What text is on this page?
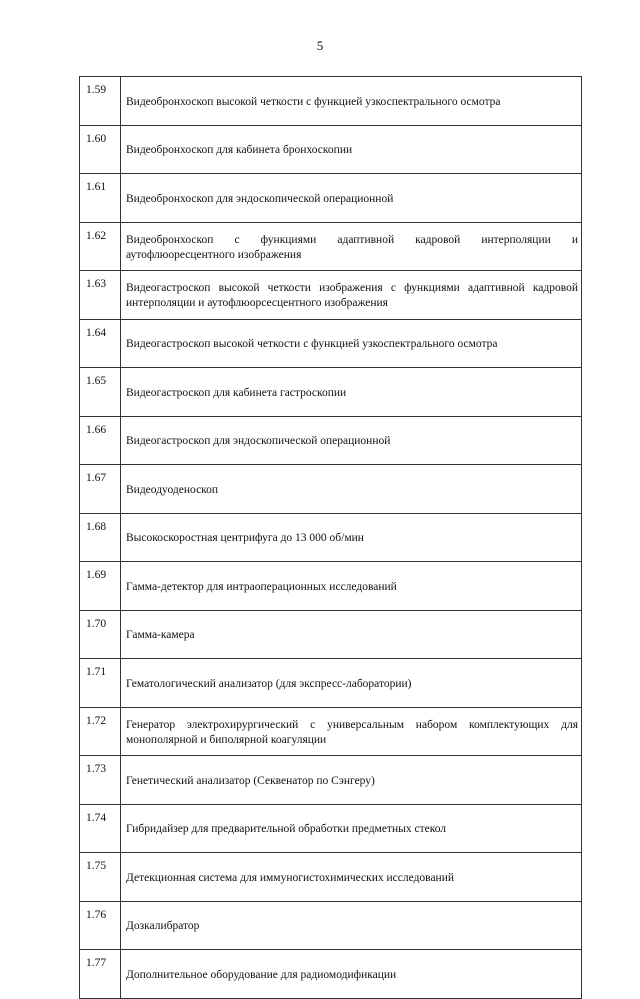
5
1.59	Видеобронхоскоп высокой четкости с функцией узкоспектрального осмотра
1.60	Видеобронхоскоп для кабинета бронхоскопии
1.61	Видеобронхоскоп для эндоскопической операционной
1.62	Видеобронхоскоп с функциями адаптивной кадровой интерполяции и аутофлюоресцентного изображения
1.63	Видеогастроскоп высокой четкости изображения с функциями адаптивной кадровой интерполяции и аутофлюорсесцентного изображения
1.64	Видеогастроскоп высокой четкости с функцией узкоспектрального осмотра
1.65	Видеогастроскоп для кабинета гастроскопии
1.66	Видеогастроскоп для эндоскопической операционной
1.67	Видеодуоденоскоп
1.68	Высокоскоростная центрифуга до 13 000 об/мин
1.69	Гамма-детектор для интраоперационных исследований
1.70	Гамма-камера
1.71	Гематологический анализатор (для экспресс-лаборатории)
1.72	Генератор электрохирургический с универсальным набором комплектующих для монополярной и биполярной коагуляции
1.73	Генетический анализатор (Секвенатор по Сэнгеру)
1.74	Гибридайзер для предварительной обработки предметных стекол
1.75	Детекционная система для иммуногистохимических исследований
1.76	Дозкалибратор
1.77	Дополнительное оборудование для радиомодификации
